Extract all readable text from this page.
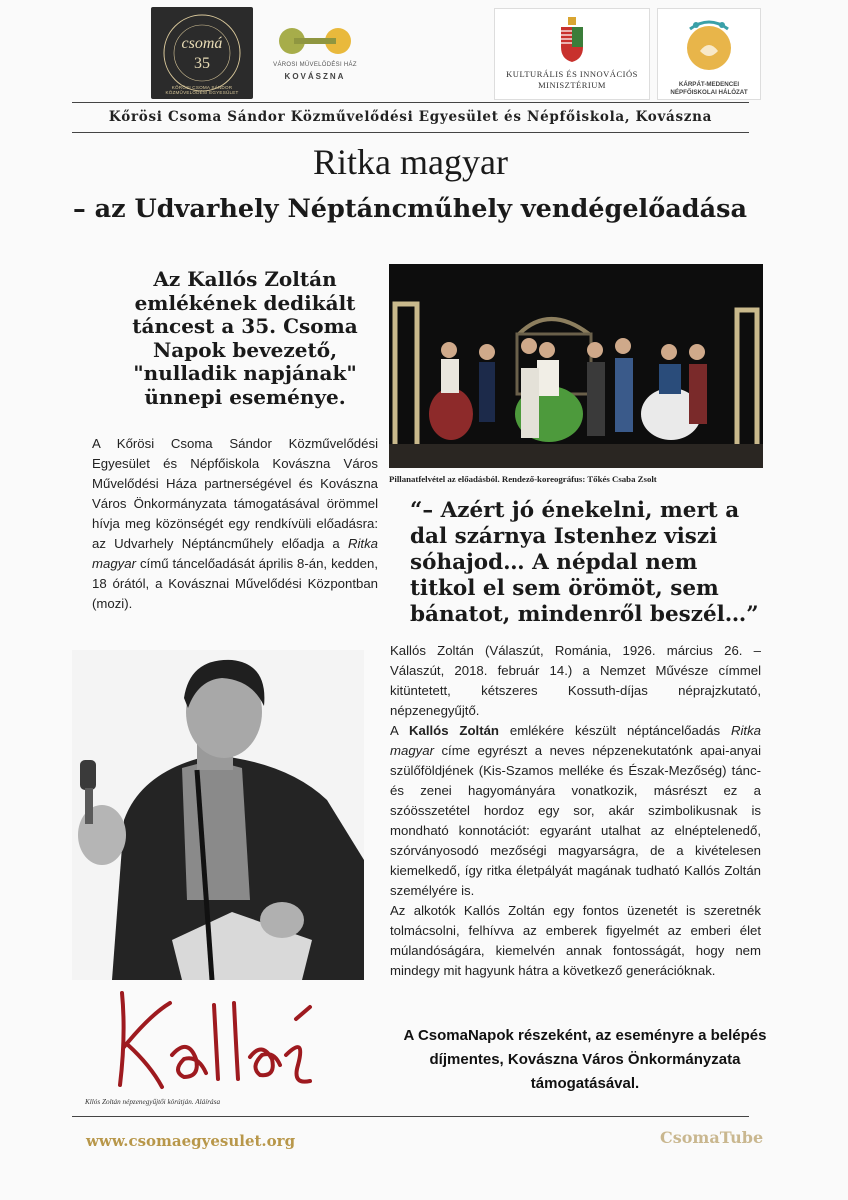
csomá
35
KŐRÖSI CSOMA SÁNDOR KÖZMŰVELŐDÉSI EGYESÜLET
VÁROSI MŰVELŐDÉSI HÁZ
KOVÁSZNA	KULTURÁLIS ÉS INNOVÁCIÓS
MINISZTÉRIUM	KÁRPÁT-MEDENCEI
NÉPFŐISKOLAI HÁLÓZAT
Kőrösi Csoma Sándor Közművelődési Egyesület és Népfőiskola, Kovászna
Ritka magyar
– az Udvarhely Néptáncműhely vendégelőadása
Az Kallós Zoltán emlékének dedikált táncest a 35. Csoma Napok bevezető, "nulladik napjának" ünnepi eseménye.
A Kőrösi Csoma Sándor Közművelődési Egyesület és Népfőiskola Kovászna Város Művelődési Háza partnerségével és Kovászna Város Önkormányzata támogatásával örömmel hívja meg közönségét egy rendkívüli előadásra: az Udvarhely Néptáncműhely előadja a Ritka magyar című táncelőadását április 8-án, kedden, 18 órától, a Kovásznai Művelődési Központban (mozi).
Kllós Zoltán népzenegyűjtői körútján. Aláírása
Pillanatfelvétel az előadásból. Rendező-koreográfus: Tőkés Csaba Zsolt
“– Azért jó énekelni, mert a dal szárnya Istenhez viszi sóhajod… A népdal nem titkol el sem örömöt, sem bánatot, mindenről beszél…”

Kallós Zoltán (Válaszút, Románia, 1926. március 26. – Válaszút, 2018. február 14.) a Nemzet Művésze címmel kitüntetett, kétszeres Kossuth-díjas néprajzkutató, népzenegyűjtő.

A Kallós Zoltán emlékére készült néptáncelőadás Ritka magyar címe egyrészt a neves népzenekutatónk apai-anyai szülőföldjének (Kis-Szamos melléke és Észak-Mezőség) tánc- és zenei hagyományára vonatkozik, másrészt ez a szóösszetétel hordoz egy sor, akár szimbolikusnak is mondható konnotációt: egyaránt utalhat az elnéptelenedő, szórványosodó mezőségi magyarságra, de a kivételesen kiemelkedő, így ritka életpályát magának tudható Kallós Zoltán személyére is.

Az alkotók Kallós Zoltán egy fontos üzenetét is szeretnék tolmácsolni, felhívva az emberek figyelmét az emberi élet múlandóságára, kiemelvén annak fontosságát, hogy nem mindegy mit hagyunk hátra a következő generációknak.

A CsomaNapok részeként, az eseményre a belépés díjmentes, Kovászna Város Önkormányzata támogatásával.
www.csomaegyesulet.org	CsomaTube
